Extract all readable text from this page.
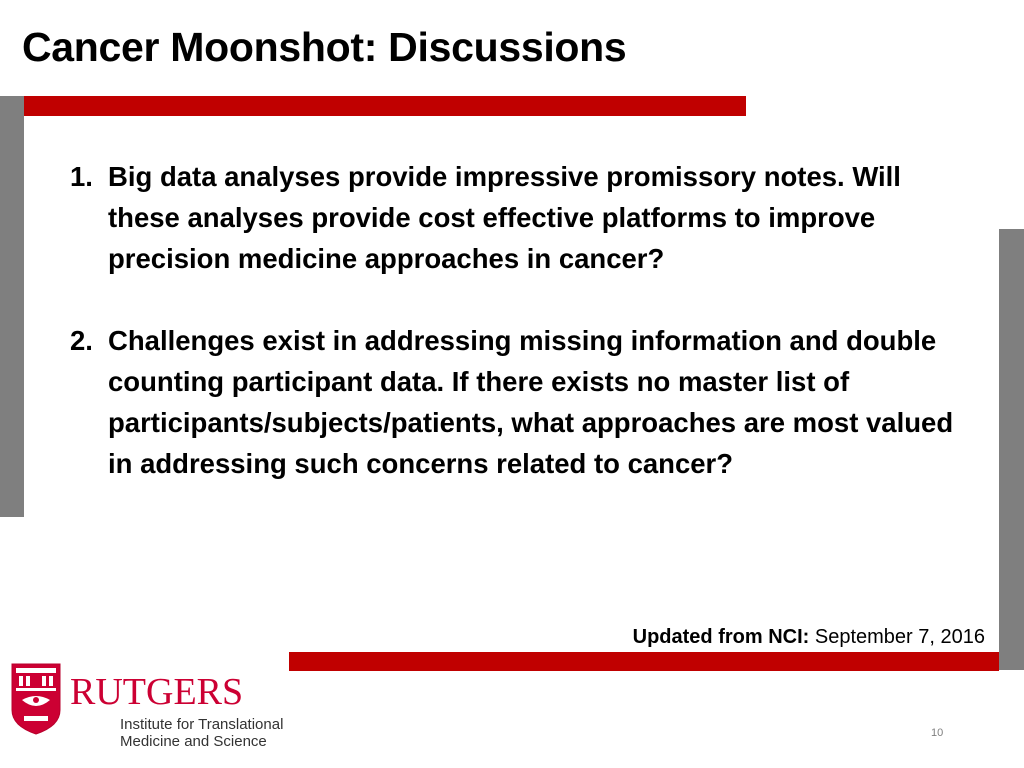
Cancer Moonshot: Discussions
1. Big data analyses provide impressive promissory notes. Will these analyses provide cost effective platforms to improve precision medicine approaches in cancer?
2. Challenges exist in addressing missing information and double counting participant data. If there exists no master list of participants/subjects/patients, what approaches are most valued in addressing such concerns related to cancer?
Updated from NCI: September 7, 2016
RUTGERS
Institute for Translational
Medicine and Science	10
